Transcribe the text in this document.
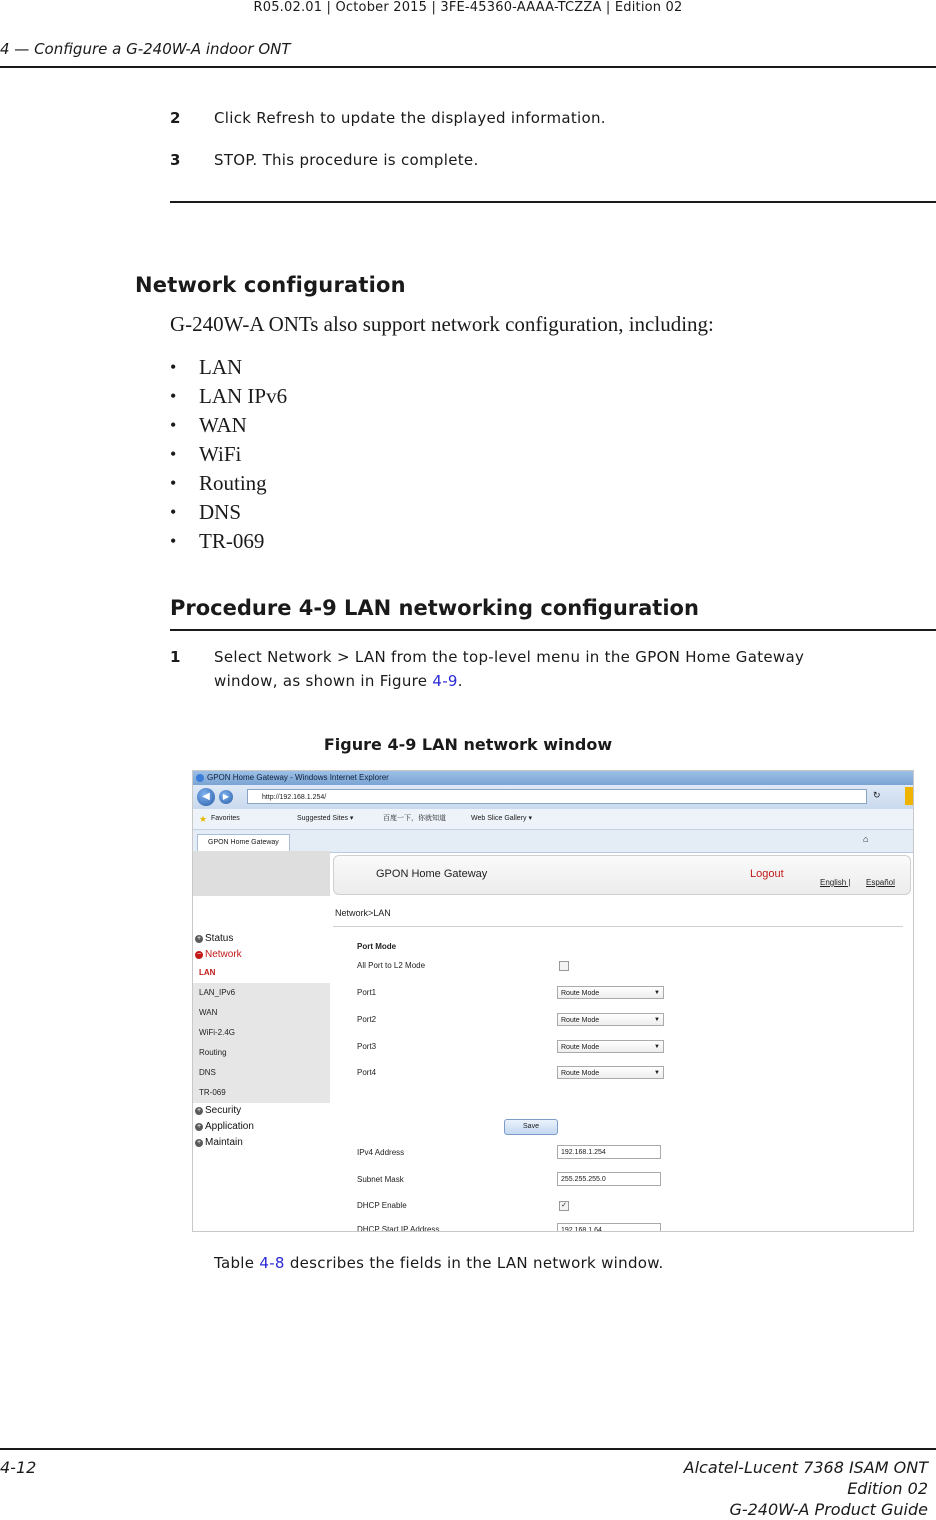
R05.02.01 | October 2015 | 3FE-45360-AAAA-TCZZA | Edition 02
4 — Configure a G-240W-A indoor ONT
2 Click Refresh to update the displayed information.
3 STOP. This procedure is complete.
Network configuration
G-240W-A ONTs also support network configuration, including:
• LAN
• LAN IPv6
• WAN
• WiFi
• Routing
• DNS
• TR-069
Procedure 4-9 LAN networking configuration
1 Select Network > LAN from the top-level menu in the GPON Home Gateway
window, as shown in Figure 4-9.
Figure 4-9 LAN network window
GPON Home Gateway - Windows Internet Explorer
◀	▶	http://192.168.1.254/	↻
★ Favorites	Suggested Sites ▾	百度一下，你就知道	Web Slice Gallery ▾
GPON Home Gateway	⌂
GPON Home Gateway	Logout
English | Español
Network>LAN
+ Status
− Network
LAN
LAN_IPv6
WAN
WiFi-2.4G
Routing
DNS
TR-069
+ Security
+ Application
+ Maintain
Port Mode
All Port to L2 Mode
Port1	Route Mode	▼
Port2	Route Mode	▼
Port3	Route Mode	▼
Port4	Route Mode	▼
Save
IPv4 Address	192.168.1.254
Subnet Mask	255.255.255.0
DHCP Enable	✓
DHCP Start IP Address	192.168.1.64
Table 4-8 describes the fields in the LAN network window.
4-12	Alcatel-Lucent 7368 ISAM ONT
Edition 02
G-240W-A Product Guide
